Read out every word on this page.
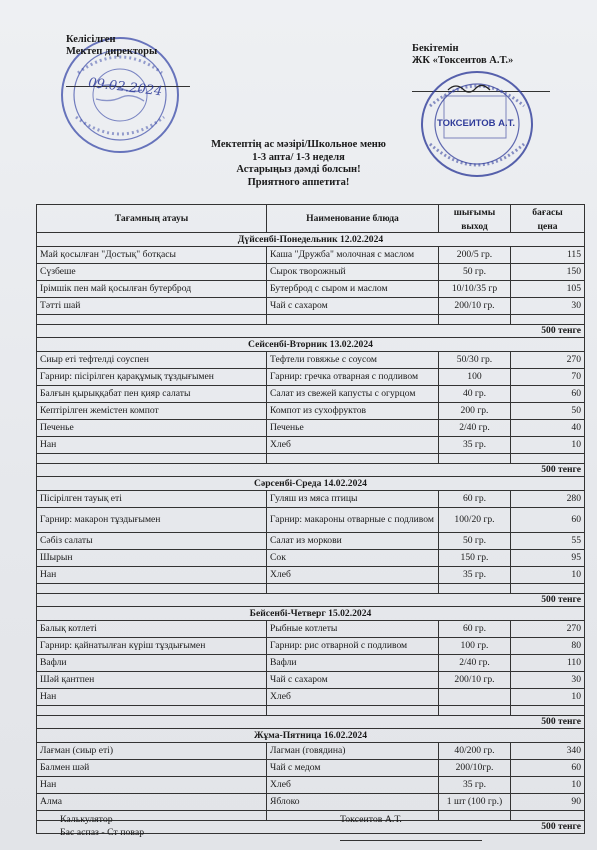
Келісілген
Мектеп директоры
09.02.2024
Бекітемін
ЖК «Токсеитов А.Т.»
ТОКСЕИТОВ А.Т.
Мектептің ас мәзірі/Школьное меню
1-3 апта/ 1-3 неделя
Астарыңыз дәмді болсын!
Приятного аппетита!
Тағамның атауы	Наименование блюда	шығымы	бағасы
		выход	цена
Дүйсенбі-Понедельник 12.02.2024			
Май қосылған "Достық" ботқасы	Каша "Дружба" молочная с маслом	200/5 гр.	115
Сүзбеше	Сырок творожный	50 гр.	150
Ірімшік пен май қосылған бутерброд	Бутерброд с сыром и маслом	10/10/35 гр	105
Тәтті шай	Чай с сахаром	200/10 гр.	30

			500 тенге
Сейсенбі-Вторник 13.02.2024			
Сиыр еті тефтелді соуспен	Тефтели говяжье с соусом	50/30 гр.	270
Гарнир: пісірілген қарақұмық тұздығымен	Гарнир: гречка отварная с подливом	100	70
Балғын қырыққабат пен қияр салаты	Салат из свежей капусты с огурцом	40 гр.	60
Кептірілген жемістен компот	Компот из сухофруктов	200 гр.	50
Печенье	Печенье	2/40 гр.	40
Нан	Хлеб	35 гр.	10

			500 тенге
Сәрсенбі-Среда 14.02.2024			
Пісірілген тауық еті	Гуляш из мяса птицы	60 гр.	280
Гарнир: макарон тұздығымен	Гарнир: макароны отварные с подливом	100/20 гр.	60
Сәбіз салаты	Салат из моркови	50 гр.	55
Шырын	Сок	150 гр.	95
Нан	Хлеб	35 гр.	10

			500 тенге
Бейсенбі-Четверг 15.02.2024			
Балық котлеті	Рыбные котлеты	60 гр.	270
Гарнир: қайнатылған күріш тұздығымен	Гарнир: рис отварной с подливом	100 гр.	80
Вафли	Вафли	2/40 гр.	110
Шәй қантпен	Чай с сахаром	200/10 гр.	30
Нан	Хлеб		10

			500 тенге
Жұма-Пятница 16.02.2024			
Лағман (сиыр еті)	Лагман (говядина)	40/200 гр.	340
Балмен шәй	Чай с медом	200/10гр.	60
Нан	Хлеб	35 гр.	10
Алма	Яблоко	1 шт (100 гр.)	90

			500 тенге
Калькулятор
Бас аспаз - Ст повар
Токсеитов А.Т.
